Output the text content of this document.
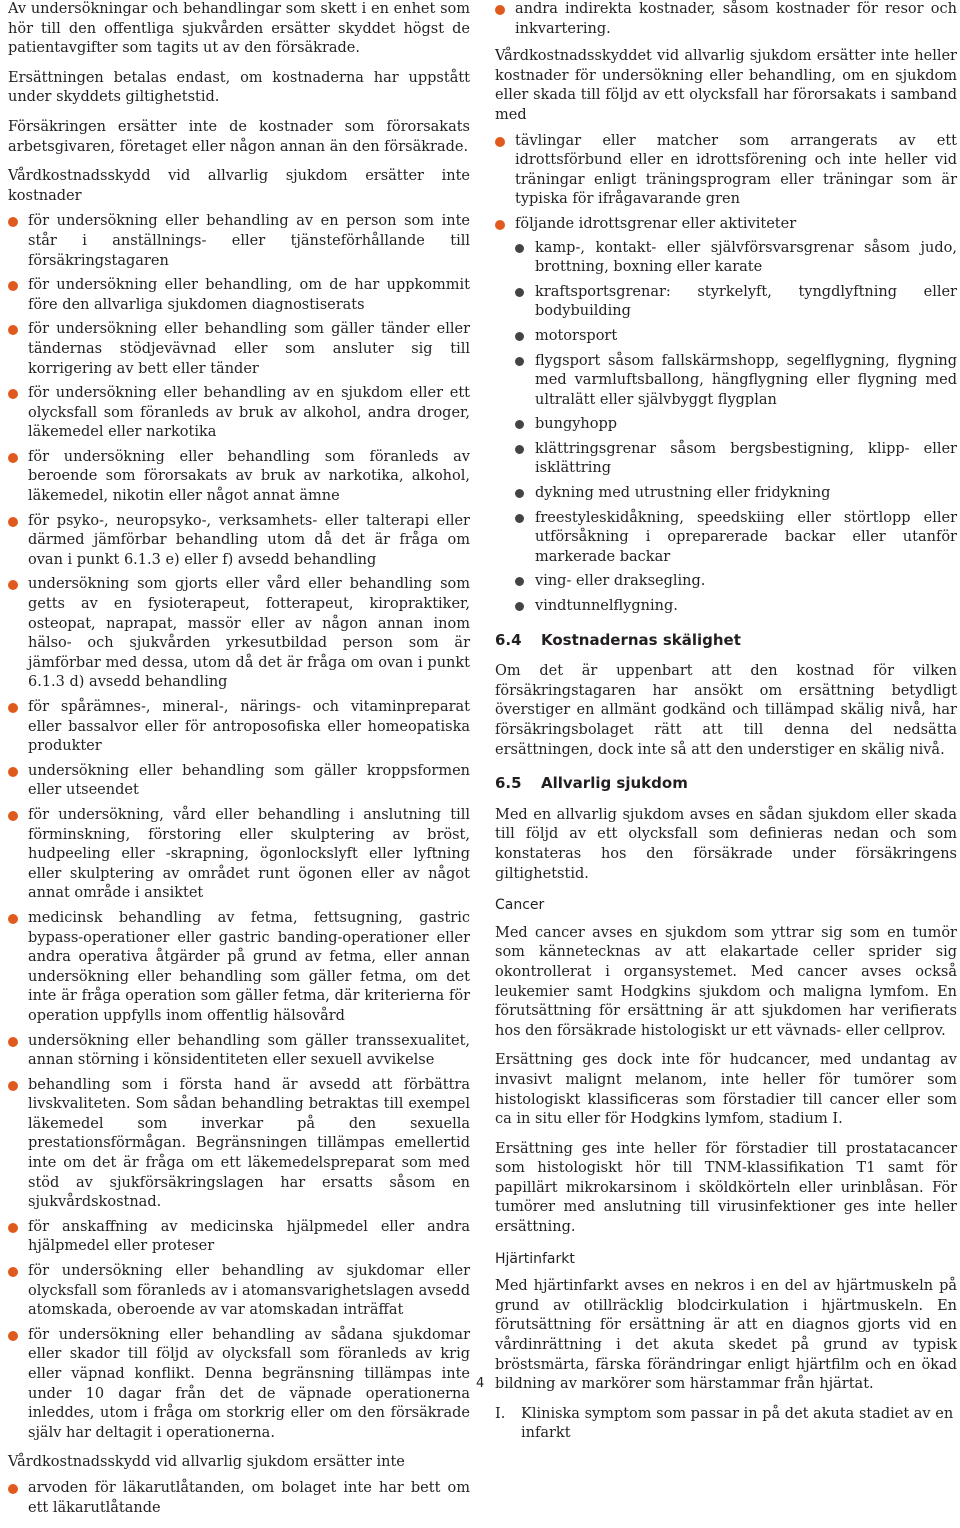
Av undersökningar och behandlingar som skett i en enhet som hör till den offentliga sjukvården ersätter skyddet högst de patientavgifter som tagits ut av den försäkrade.

Ersättningen betalas endast, om kostnaderna har uppstått under skyddets giltighetstid.

Försäkringen ersätter inte de kostnader som förorsakats arbetsgivaren, företaget eller någon annan än den försäkrade.

Vårdkostnadsskydd vid allvarlig sjukdom ersätter inte kostnader

för undersökning eller behandling av en person som inte står i anställnings- eller tjänsteförhållande till försäkringstagaren
för undersökning eller behandling, om de har uppkommit före den allvarliga sjukdomen diagnostiserats
för undersökning eller behandling som gäller tänder eller tändernas stödjevävnad eller som ansluter sig till korrigering av bett eller tänder
för undersökning eller behandling av en sjukdom eller ett olycksfall som föranleds av bruk av alkohol, andra droger, läkemedel eller narkotika
för undersökning eller behandling som föranleds av beroende som förorsakats av bruk av narkotika, alkohol, läkemedel, nikotin eller något annat ämne
för psyko-, neuropsyko-, verksamhets- eller talterapi eller därmed jämförbar behandling utom då det är fråga om ovan i punkt 6.1.3 e) eller f) avsedd behandling
undersökning som gjorts eller vård eller behandling som getts av en fysioterapeut, fotterapeut, kiropraktiker, osteopat, naprapat, massör eller av någon annan inom hälso- och sjukvården yrkesutbildad person som är jämförbar med dessa, utom då det är fråga om ovan i punkt 6.1.3 d) avsedd behandling
för spårämnes-, mineral-, närings- och vitaminpreparat eller bassalvor eller för antroposofiska eller homeopatiska produkter
undersökning eller behandling som gäller kroppsformen eller utseendet
för undersökning, vård eller behandling i anslutning till förminskning, förstoring eller skulptering av bröst, hudpeeling eller -skrapning, ögonlockslyft eller lyftning eller skulptering av området runt ögonen eller av något annat område i ansiktet
medicinsk behandling av fetma, fettsugning, gastric bypass-operationer eller gastric banding-operationer eller andra operativa åtgärder på grund av fetma, eller annan undersökning eller behandling som gäller fetma, om det inte är fråga operation som gäller fetma, där kriterierna för operation uppfylls inom offentlig hälsovård
undersökning eller behandling som gäller transsexualitet, annan störning i könsidentiteten eller sexuell avvikelse
behandling som i första hand är avsedd att förbättra livskvaliteten. Som sådan behandling betraktas till exempel läkemedel som inverkar på den sexuella prestationsförmågan. Begränsningen tillämpas emellertid inte om det är fråga om ett läkemedelspreparat som med stöd av sjukförsäkringslagen har ersatts såsom en sjukvårdskostnad.
för anskaffning av medicinska hjälpmedel eller andra hjälpmedel eller proteser
för undersökning eller behandling av sjukdomar eller olycksfall som föranleds av i atomansvarighetslagen avsedd atomskada, oberoende av var atomskadan inträffat
för undersökning eller behandling av sådana sjukdomar eller skador till följd av olycksfall som föranleds av krig eller väpnad konflikt. Denna begränsning tillämpas inte under 10 dagar från det de väpnade operationerna inleddes, utom i fråga om storkrig eller om den försäkrade själv har deltagit i operationerna.

Vårdkostnadsskydd vid allvarlig sjukdom ersätter inte

arvoden för läkarutlåtanden, om bolaget inte har bett om ett läkarutlåtande
andra indirekta kostnader, såsom kostnader för resor och inkvartering.

Vårdkostnadsskyddet vid allvarlig sjukdom ersätter inte heller kostnader för undersökning eller behandling, om en sjukdom eller skada till följd av ett olycksfall har förorsakats i samband med

tävlingar eller matcher som arrangerats av ett idrottsförbund eller en idrottsförening och inte heller vid träningar enligt träningsprogram eller träningar som är typiska för ifrågavarande gren
följande idrottsgrenar eller aktiviteter
kamp-, kontakt- eller självförsvarsgrenar såsom judo, brottning, boxning eller karate
kraftsportsgrenar: styrkelyft, tyngdlyftning eller bodybuilding
motorsport
flygsport såsom fallskärmshopp, segelflygning, flygning med varmluftsballong, hängflygning eller flygning med ultralätt eller självbyggt flygplan
bungyhopp
klättringsgrenar såsom bergsbestigning, klipp- eller isklättring
dykning med utrustning eller fridykning
freestyleskidåkning, speedskiing eller störtlopp eller utförsåkning i opreparerade backar eller utanför markerade backar
ving- eller draksegling.
vindtunnelflygning.
6.4 Kostnadernas skälighet

Om det är uppenbart att den kostnad för vilken försäkringstagaren har ansökt om ersättning betydligt överstiger en allmänt godkänd och tillämpad skälig nivå, har försäkringsbolaget rätt att till denna del nedsätta ersättningen, dock inte så att den understiger en skälig nivå.

6.5 Allvarlig sjukdom

Med en allvarlig sjukdom avses en sådan sjukdom eller skada till följd av ett olycksfall som definieras nedan och som konstateras hos den försäkrade under försäkringens giltighetstid.

Cancer

Med cancer avses en sjukdom som yttrar sig som en tumör som kännetecknas av att elakartade celler sprider sig okontrollerat i organsystemet. Med cancer avses också leukemier samt Hodgkins sjukdom och maligna lymfom. En förutsättning för ersättning är att sjukdomen har verifierats hos den försäkrade histologiskt ur ett vävnads- eller cellprov.

Ersättning ges dock inte för hudcancer, med undantag av invasivt malignt melanom, inte heller för tumörer som histologiskt klassificeras som förstadier till cancer eller som ca in situ eller för Hodgkins lymfom, stadium I.

Ersättning ges inte heller för förstadier till prostatacancer som histologiskt hör till TNM-klassifikation T1 samt för papillärt mikrokarsinom i sköldkörteln eller urinblåsan. För tumörer med anslutning till virusinfektioner ges inte heller ersättning.

Hjärtinfarkt

Med hjärtinfarkt avses en nekros i en del av hjärtmuskeln på grund av otillräcklig blodcirkulation i hjärtmuskeln. En förutsättning för ersättning är att en diagnos gjorts vid en vårdinrättning i det akuta skedet på grund av typisk bröstsmärta, färska förändringar enligt hjärtfilm och en ökad bildning av markörer som härstammar från hjärtat.

I. Kliniska symptom som passar in på det akuta stadiet av en infarkt
4
